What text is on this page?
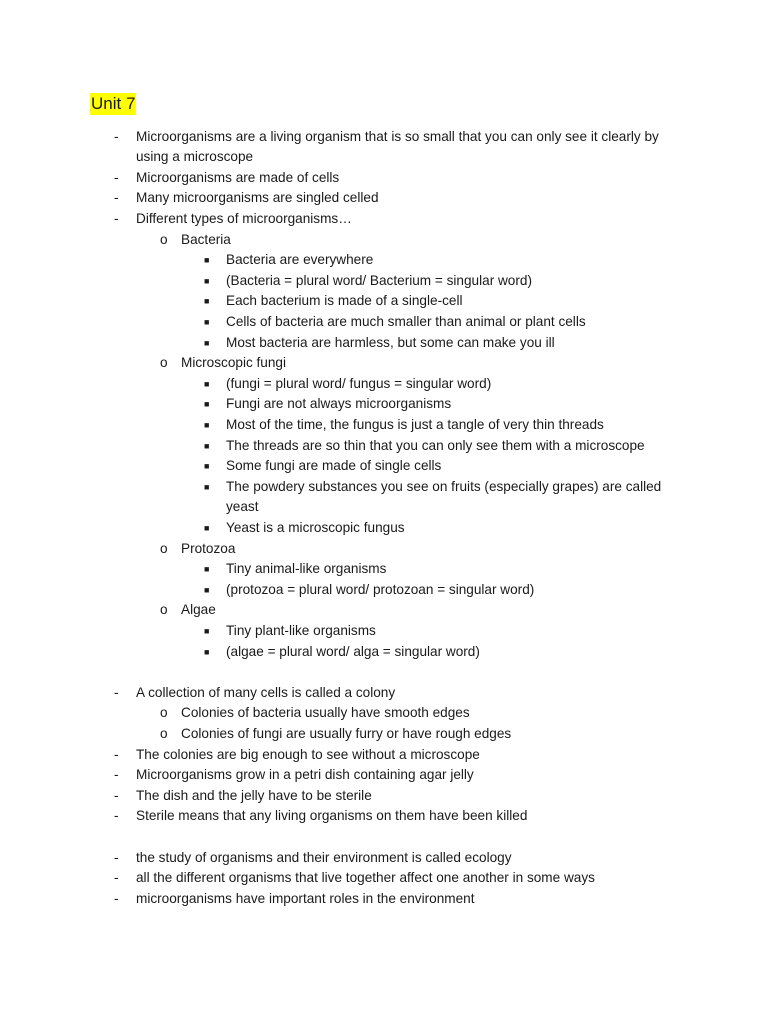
Unit 7
- Microorganisms are a living organism that is so small that you can only see it clearly by
using a microscope
- Microorganisms are made of cells
- Many microorganisms are singled celled
- Different types of microorganisms…
o Bacteria
■ Bacteria are everywhere
■ (Bacteria = plural word/ Bacterium = singular word)
■ Each bacterium is made of a single-cell
■ Cells of bacteria are much smaller than animal or plant cells
■ Most bacteria are harmless, but some can make you ill
o Microscopic fungi
■ (fungi = plural word/ fungus = singular word)
■ Fungi are not always microorganisms
■ Most of the time, the fungus is just a tangle of very thin threads
■ The threads are so thin that you can only see them with a microscope
■ Some fungi are made of single cells
■ The powdery substances you see on fruits (especially grapes) are called
yeast
■ Yeast is a microscopic fungus
o Protozoa
■ Tiny animal-like organisms
■ (protozoa = plural word/ protozoan = singular word)
o Algae
■ Tiny plant-like organisms
■ (algae = plural word/ alga = singular word)
- A collection of many cells is called a colony
o Colonies of bacteria usually have smooth edges
o Colonies of fungi are usually furry or have rough edges
- The colonies are big enough to see without a microscope
- Microorganisms grow in a petri dish containing agar jelly
- The dish and the jelly have to be sterile
- Sterile means that any living organisms on them have been killed
- the study of organisms and their environment is called ecology
- all the different organisms that live together affect one another in some ways
- microorganisms have important roles in the environment
